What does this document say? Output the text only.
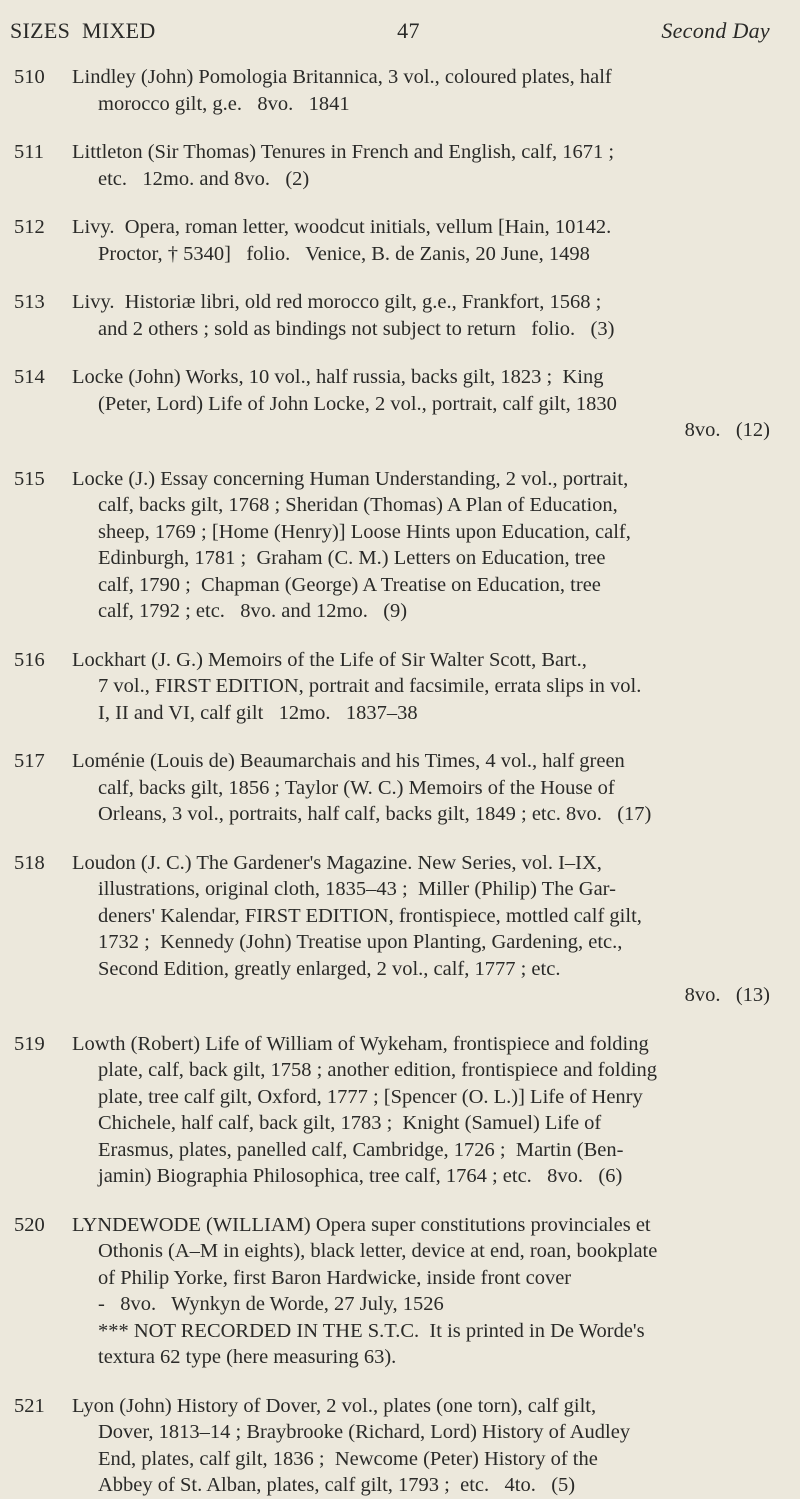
SIZES MIXED	47	Second Day
510	Lindley (John) Pomologia Britannica, 3 vol., coloured plates, half

morocco gilt, g.e.   8vo.   1841

511	Littleton (Sir Thomas) Tenures in French and English, calf, 1671 ;

etc.   12mo. and 8vo.   (2)

512	Livy.  Opera, roman letter, woodcut initials, vellum [Hain, 10142.

Proctor, † 5340]   folio.   Venice, B. de Zanis, 20 June, 1498

513	Livy.  Historiæ libri, old red morocco gilt, g.e., Frankfort, 1568 ;

and 2 others ; sold as bindings not subject to return   folio.   (3)

514	Locke (John) Works, 10 vol., half russia, backs gilt, 1823 ;  King

(Peter, Lord) Life of John Locke, 2 vol., portrait, calf gilt, 1830

8vo.   (12)

515	Locke (J.) Essay concerning Human Understanding, 2 vol., portrait,

calf, backs gilt, 1768 ; Sheridan (Thomas) A Plan of Education,

sheep, 1769 ; [Home (Henry)] Loose Hints upon Education, calf,

Edinburgh, 1781 ;  Graham (C. M.) Letters on Education, tree

calf, 1790 ;  Chapman (George) A Treatise on Education, tree

calf, 1792 ; etc.   8vo. and 12mo.   (9)

516	Lockhart (J. G.) Memoirs of the Life of Sir Walter Scott, Bart.,

7 vol., FIRST EDITION, portrait and facsimile, errata slips in vol.

I, II and VI, calf gilt   12mo.   1837–38

517	Loménie (Louis de) Beaumarchais and his Times, 4 vol., half green

calf, backs gilt, 1856 ; Taylor (W. C.) Memoirs of the House of

Orleans, 3 vol., portraits, half calf, backs gilt, 1849 ; etc. 8vo.   (17)

518	Loudon (J. C.) The Gardener's Magazine. New Series, vol. I–IX,

illustrations, original cloth, 1835–43 ;  Miller (Philip) The Gar-

deners' Kalendar, FIRST EDITION, frontispiece, mottled calf gilt,

1732 ;  Kennedy (John) Treatise upon Planting, Gardening, etc.,

Second Edition, greatly enlarged, 2 vol., calf, 1777 ; etc.

8vo.   (13)

519	Lowth (Robert) Life of William of Wykeham, frontispiece and folding

plate, calf, back gilt, 1758 ; another edition, frontispiece and folding

plate, tree calf gilt, Oxford, 1777 ; [Spencer (O. L.)] Life of Henry

Chichele, half calf, back gilt, 1783 ;  Knight (Samuel) Life of

Erasmus, plates, panelled calf, Cambridge, 1726 ;  Martin (Ben-

jamin) Biographia Philosophica, tree calf, 1764 ; etc.   8vo.   (6)

520	LYNDEWODE (WILLIAM) Opera super constitutions provinciales et

Othonis (A–M in eights), black letter, device at end, roan, bookplate

of Philip Yorke, first Baron Hardwicke, inside front cover

-   8vo.   Wynkyn de Worde, 27 July, 1526

*** NOT RECORDED IN THE S.T.C.  It is printed in De Worde's

textura 62 type (here measuring 63).

521	Lyon (John) History of Dover, 2 vol., plates (one torn), calf gilt,

Dover, 1813–14 ; Braybrooke (Richard, Lord) History of Audley

End, plates, calf gilt, 1836 ;  Newcome (Peter) History of the

Abbey of St. Alban, plates, calf gilt, 1793 ;  etc.   4to.   (5)
